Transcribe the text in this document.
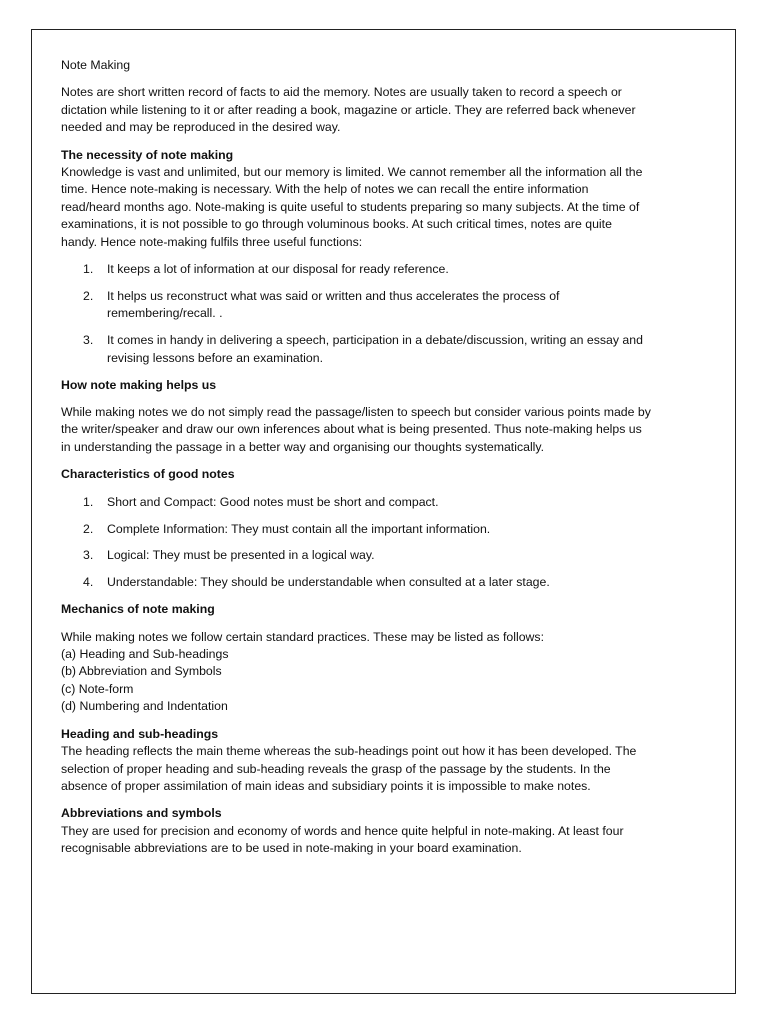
Note Making

Notes are short written record of facts to aid the memory. Notes are usually taken to record a speech or dictation while listening to it or after reading a book, magazine or article. They are referred back whenever needed and may be reproduced in the desired way.

The necessity of note making

Knowledge is vast and unlimited, but our memory is limited. We cannot remember all the information all the time. Hence note-making is necessary. With the help of notes we can recall the entire information read/heard months ago. Note-making is quite useful to students preparing so many subjects. At the time of examinations, it is not possible to go through voluminous books. At such critical times, notes are quite handy. Hence note-making fulfils three useful functions:

1. It keeps a lot of information at our disposal for ready reference.
2. It helps us reconstruct what was said or written and thus accelerates the process of remembering/recall. .
3. It comes in handy in delivering a speech, participation in a debate/discussion, writing an essay and revising lessons before an examination.

How note making helps us

While making notes we do not simply read the passage/listen to speech but consider various points made by the writer/speaker and draw our own inferences about what is being presented. Thus note-making helps us in understanding the passage in a better way and organising our thoughts systematically.

Characteristics of good notes

1. Short and Compact: Good notes must be short and compact.
2. Complete Information: They must contain all the important information.
3. Logical: They must be presented in a logical way.
4. Understandable: They should be understandable when consulted at a later stage.

Mechanics of note making

While making notes we follow certain standard practices. These may be listed as follows:

(a) Heading and Sub-headings
(b) Abbreviation and Symbols
(c) Note-form
(d) Numbering and Indentation

Heading and sub-headings

The heading reflects the main theme whereas the sub-headings point out how it has been developed. The selection of proper heading and sub-heading reveals the grasp of the passage by the students. In the absence of proper assimilation of main ideas and subsidiary points it is impossible to make notes.

Abbreviations and symbols

They are used for precision and economy of words and hence quite helpful in note-making. At least four recognisable abbreviations are to be used in note-making in your board examination.
